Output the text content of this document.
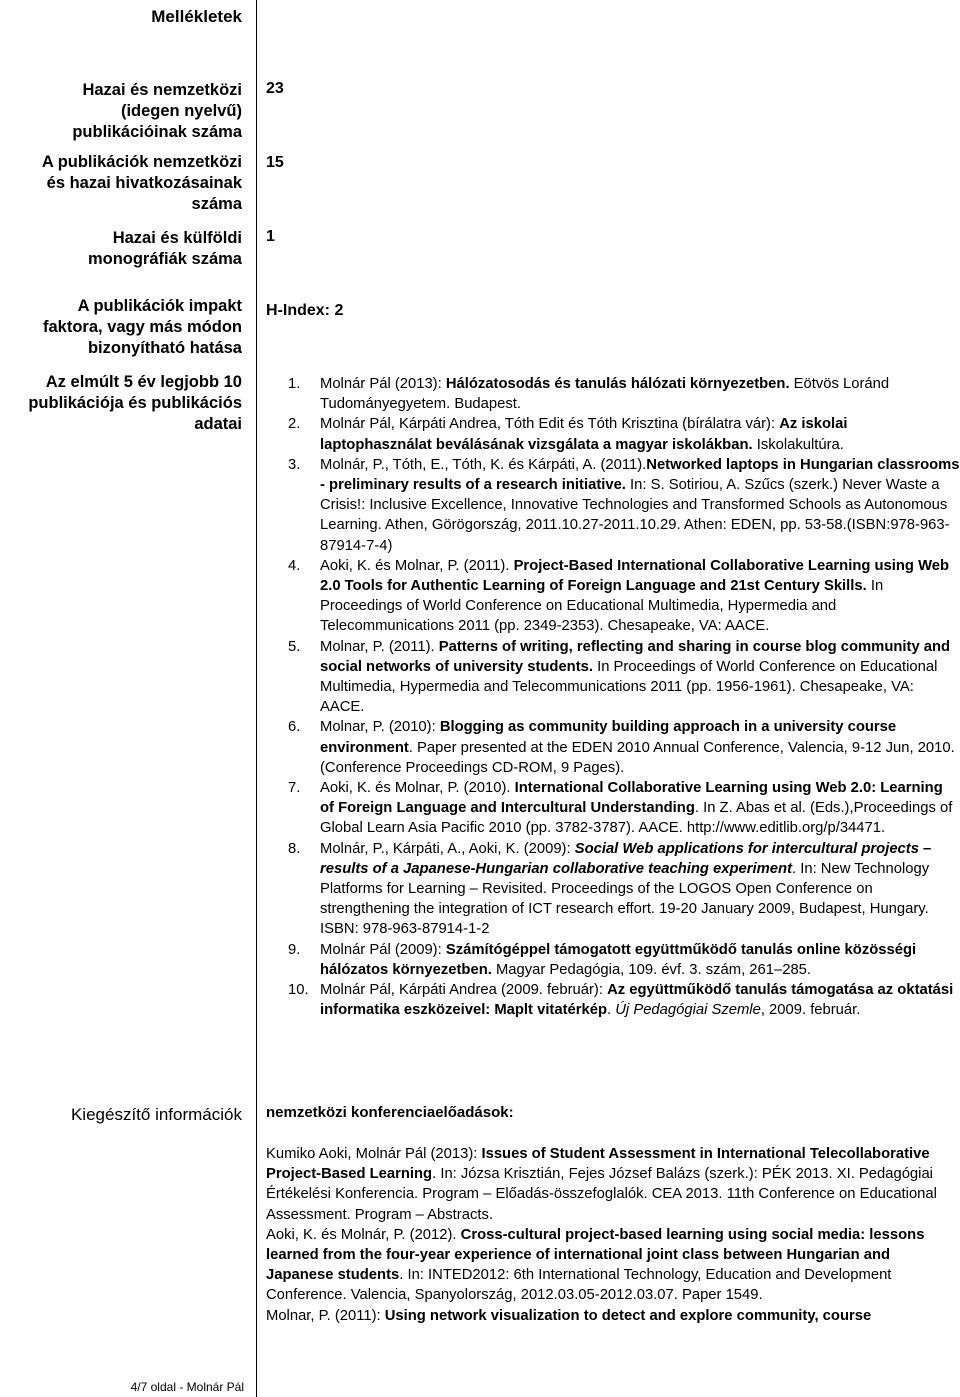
Mellékletek
Hazai és nemzetközi
(idegen nyelvű)
publikációinak száma
23
A publikációk nemzetközi
és hazai hivatkozásainak
száma
15
Hazai és külföldi
monográfiák száma
1
A publikációk impakt
faktora, vagy más módon
bizonyítható hatása
H-Index: 2
Az elmúlt 5 év legjobb 10
publikációja és publikációs
adatai
1. Molnár Pál (2013): Hálózatosodás és tanulás hálózati környezetben. Eötvös Loránd Tudományegyetem. Budapest.
2. Molnár Pál, Kárpáti Andrea, Tóth Edit és Tóth Krisztina (bírálatra vár): Az iskolai laptophasználat beválásának vizsgálata a magyar iskolákban. Iskolakultúra.
3. Molnár, P., Tóth, E., Tóth, K. és Kárpáti, A. (2011).Networked laptops in Hungarian classrooms - preliminary results of a research initiative. In: S. Sotiriou, A. Szűcs (szerk.) Never Waste a Crisis!: Inclusive Excellence, Innovative Technologies and Transformed Schools as Autonomous Learning. Athen, Görögország, 2011.10.27-2011.10.29. Athen: EDEN, pp. 53-58.(ISBN:978-963-87914-7-4)
4. Aoki, K. és Molnar, P. (2011). Project-Based International Collaborative Learning using Web 2.0 Tools for Authentic Learning of Foreign Language and 21st Century Skills. In Proceedings of World Conference on Educational Multimedia, Hypermedia and Telecommunications 2011 (pp. 2349-2353). Chesapeake, VA: AACE.
5. Molnar, P. (2011). Patterns of writing, reflecting and sharing in course blog community and social networks of university students. In Proceedings of World Conference on Educational Multimedia, Hypermedia and Telecommunications 2011 (pp. 1956-1961). Chesapeake, VA: AACE.
6. Molnar, P. (2010): Blogging as community building approach in a university course environment. Paper presented at the EDEN 2010 Annual Conference, Valencia, 9-12 Jun, 2010. (Conference Proceedings CD-ROM, 9 Pages).
7. Aoki, K. és Molnar, P. (2010). International Collaborative Learning using Web 2.0: Learning of Foreign Language and Intercultural Understanding. In Z. Abas et al. (Eds.),Proceedings of Global Learn Asia Pacific 2010 (pp. 3782-3787). AACE. http://www.editlib.org/p/34471.
8. Molnár, P., Kárpáti, A., Aoki, K. (2009): Social Web applications for intercultural projects – results of a Japanese-Hungarian collaborative teaching experiment. In: New Technology Platforms for Learning – Revisited. Proceedings of the LOGOS Open Conference on strengthening the integration of ICT research effort. 19-20 January 2009, Budapest, Hungary. ISBN: 978-963-87914-1-2
9. Molnár Pál (2009): Számítógéppel támogatott együttműködő tanulás online közösségi hálózatos környezetben. Magyar Pedagógia, 109. évf. 3. szám, 261–285.
10. Molnár Pál, Kárpáti Andrea (2009. február): Az együttműködő tanulás támogatása az oktatási informatika eszközeivel: Maplt vitatérkép. Új Pedagógiai Szemle, 2009. február.
Kiegészítő információk nemzetközi konferenciaelőadások:

Kumiko Aoki, Molnár Pál (2013): Issues of Student Assessment in International Telecollaborative Project-Based Learning. In: Józsa Krisztián, Fejes József Balázs (szerk.): PÉK 2013. XI. Pedagógiai Értékelési Konferencia. Program – Előadás-összefoglalók. CEA 2013. 11th Conference on Educational Assessment. Program – Abstracts.

Aoki, K. és Molnár, P. (2012). Cross-cultural project-based learning using social media: lessons learned from the four-year experience of international joint class between Hungarian and Japanese students. In: INTED2012: 6th International Technology, Education and Development Conference. Valencia, Spanyolország, 2012.03.05-2012.03.07. Paper 1549.

Molnar, P. (2011): Using network visualization to detect and explore community, course

4/7 oldal - Molnár Pál
